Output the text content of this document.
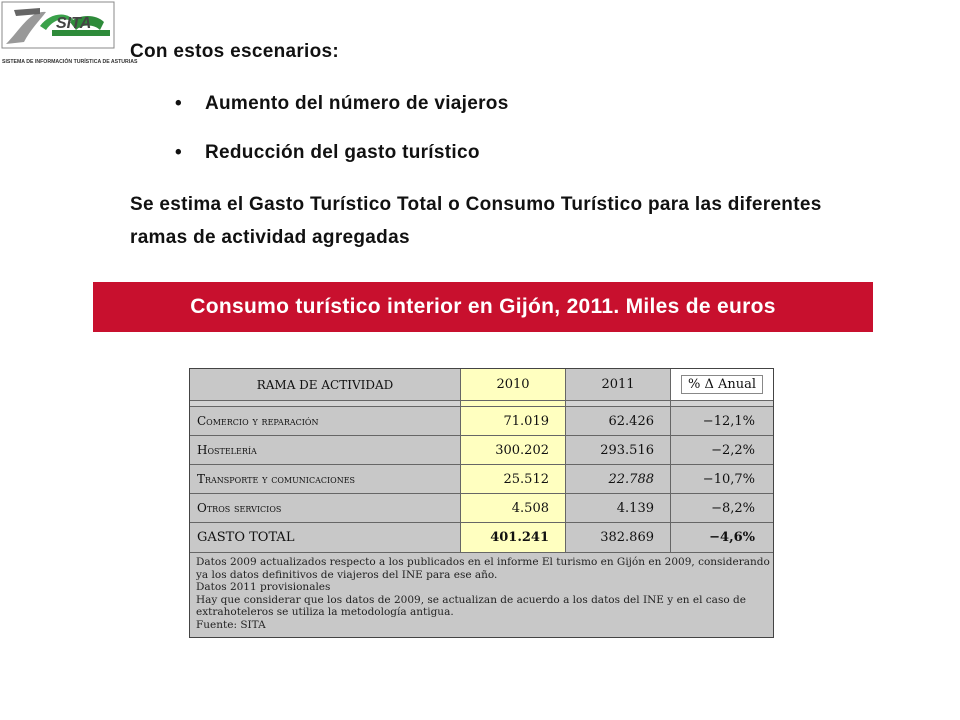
SITA
SISTEMA DE INFORMACIÓN TURÍSTICA DE ASTURIAS
Con estos escenarios:
• Aumento del número de viajeros
• Reducción del gasto turístico
Se estima el Gasto Turístico Total o Consumo Turístico para las diferentes ramas de actividad agregadas
Consumo turístico interior en Gijón, 2011. Miles de euros
RAMA DE ACTIVIDAD	2010	2011	% Δ Anual
Comercio y reparación	71.019	62.426	−12,1%
Hostelería	300.202	293.516	−2,2%
Transporte y comunicaciones	25.512	22.788	−10,7%
Otros servicios	4.508	4.139	−8,2%
GASTO TOTAL	401.241	382.869	−4,6%
Datos 2009 actualizados respecto a los publicados en el informe El turismo en Gijón en 2009, considerando
ya los datos definitivos de viajeros del INE para ese año.
Datos 2011 provisionales
Hay que considerar que los datos de 2009, se actualizan de acuerdo a los datos del INE y en el caso de
extrahoteleros se utiliza la metodología antigua.
Fuente: SITA
